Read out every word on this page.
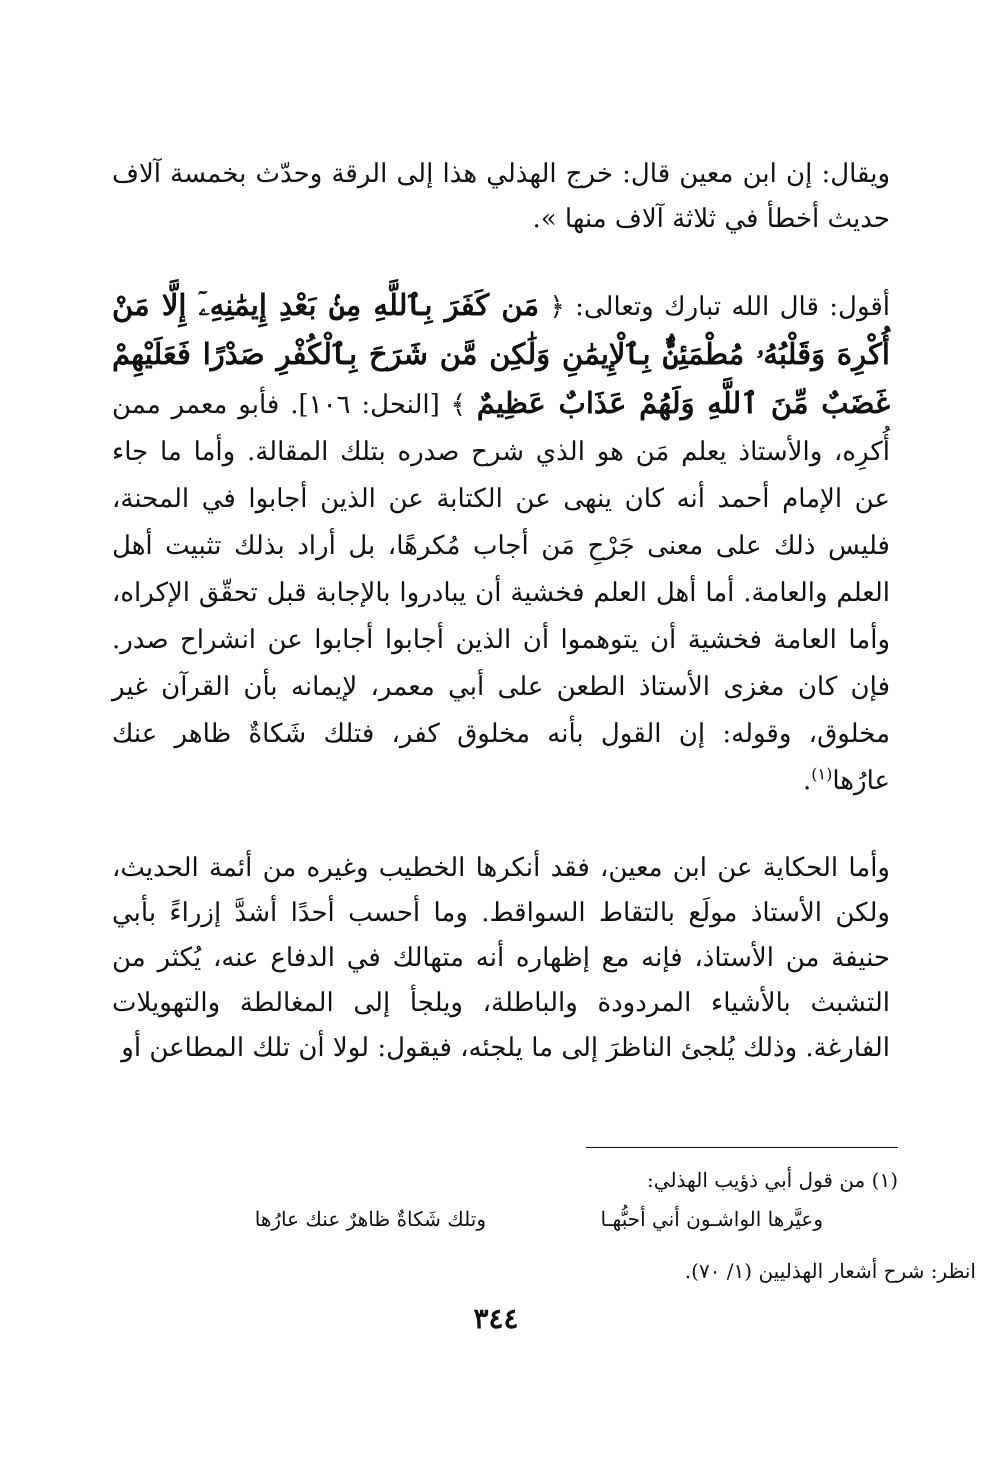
ويقال: إن ابن معين قال: خرج الهذلي هذا إلى الرقة وحدّث بخمسة آلاف حديث أخطأ في ثلاثة آلاف منها ».

أقول: قال الله تبارك وتعالى: ﴿ مَن كَفَرَ بِٱللَّهِ مِنۢ بَعْدِ إِيمَٰنِهِۦٓ إِلَّا مَنْ أُكْرِهَ وَقَلْبُهُۥ مُطْمَئِنٌّۢ بِٱلْإِيمَٰنِ وَلَٰكِن مَّن شَرَحَ بِٱلْكُفْرِ صَدْرًا فَعَلَيْهِمْ غَضَبٌ مِّنَ ٱللَّهِ وَلَهُمْ عَذَابٌ عَظِيمٌ ﴾ [النحل: ١٠٦]. فأبو معمر ممن أُكرِه، والأستاذ يعلم مَن هو الذي شرح صدره بتلك المقالة. وأما ما جاء عن الإمام أحمد أنه كان ينهى عن الكتابة عن الذين أجابوا في المحنة، فليس ذلك على معنى جَرْحِ مَن أجاب مُكرهًا، بل أراد بذلك تثبيت أهل العلم والعامة. أما أهل العلم فخشية أن يبادروا بالإجابة قبل تحقّق الإكراه، وأما العامة فخشية أن يتوهموا أن الذين أجابوا أجابوا عن انشراح صدر. فإن كان مغزى الأستاذ الطعن على أبي معمر، لإيمانه بأن القرآن غير مخلوق، وقوله: إن القول بأنه مخلوق كفر، فتلك شَكاةٌ ظاهر عنك عارُها$^{(١)}$.

وأما الحكاية عن ابن معين، فقد أنكرها الخطيب وغيره من أئمة الحديث، ولكن الأستاذ مولَع بالتقاط السواقط. وما أحسب أحدًا أشدَّ إزراءً بأبي حنيفة من الأستاذ، فإنه مع إظهاره أنه متهالك في الدفاع عنه، يُكثر من التشبث بالأشياء المردودة والباطلة، ويلجأ إلى المغالطة والتهويلات الفارغة. وذلك يُلجئ الناظرَ إلى ما يلجئه، فيقول: لولا أن تلك المطاعن أو

(١) من قول أبي ذؤيب الهذلي:
وعيَّرها الواشـون أني أحبُّهـا
وتلك شَكاةٌ ظاهرٌ عنك عارُها
انظر: شرح أشعار الهذليين (١/ ٧٠).
٣٤٤
